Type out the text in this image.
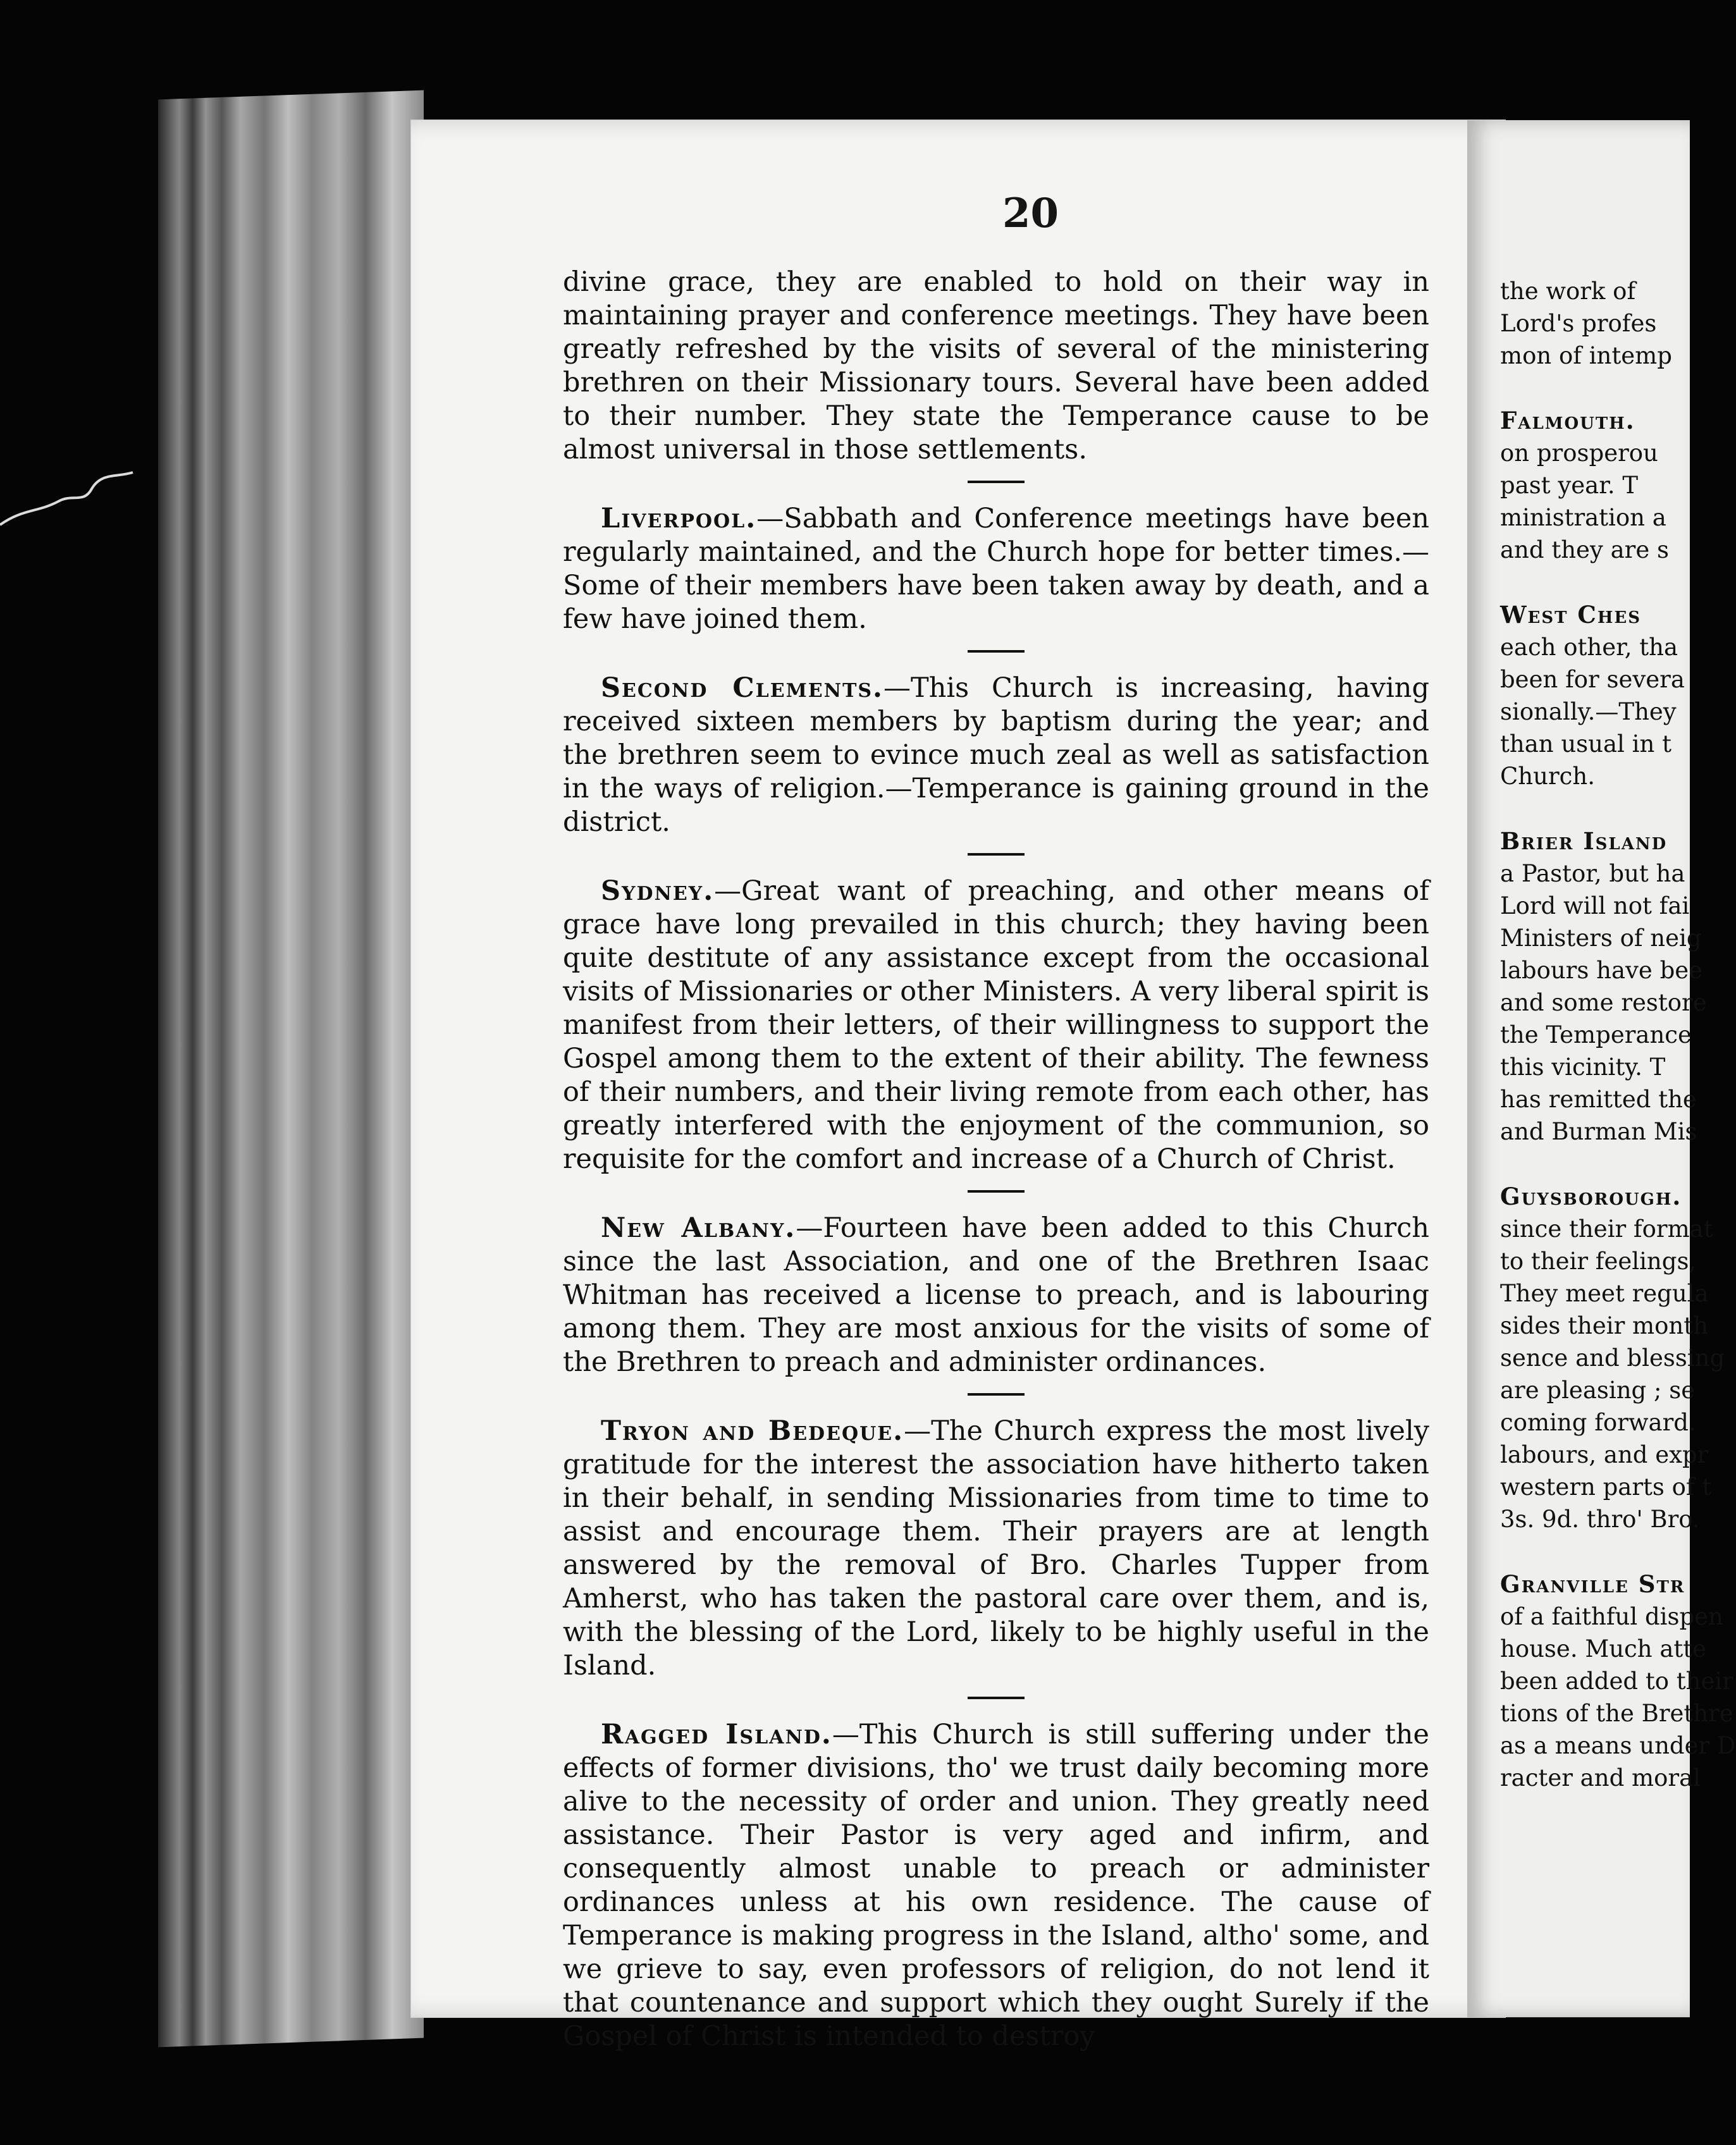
20

divine grace, they are enabled to hold on their way in maintaining prayer and conference meetings. They have been greatly refreshed by the visits of several of the ministering brethren on their Missionary tours. Several have been added to their number. They state the Temperance cause to be almost universal in those settlements.

Liverpool.—Sabbath and Conference meetings have been regularly maintained, and the Church hope for better times.—Some of their members have been taken away by death, and a few have joined them.

Second Clements.—This Church is increasing, having received sixteen members by baptism during the year; and the brethren seem to evince much zeal as well as satisfaction in the ways of religion.—Temperance is gaining ground in the district.

Sydney.—Great want of preaching, and other means of grace have long prevailed in this church; they having been quite destitute of any assistance except from the occasional visits of Missionaries or other Ministers. A very liberal spirit is manifest from their letters, of their willingness to support the Gospel among them to the extent of their ability. The fewness of their numbers, and their living remote from each other, has greatly interfered with the enjoyment of the communion, so requisite for the comfort and increase of a Church of Christ.

New Albany.—Fourteen have been added to this Church since the last Association, and one of the Brethren Isaac Whitman has received a license to preach, and is labouring among them. They are most anxious for the visits of some of the Brethren to preach and administer ordinances.

Tryon and Bedeque.—The Church express the most lively gratitude for the interest the association have hitherto taken in their behalf, in sending Missionaries from time to time to assist and encourage them. Their prayers are at length answered by the removal of Bro. Charles Tupper from Amherst, who has taken the pastoral care over them, and is, with the blessing of the Lord, likely to be highly useful in the Island.

Ragged Island.—This Church is still suffering under the effects of former divisions, tho' we trust daily becoming more alive to the necessity of order and union. They greatly need assistance. Their Pastor is very aged and infirm, and consequently almost unable to preach or administer ordinances unless at his own residence. The cause of Temperance is making progress in the Island, altho' some, and we grieve to say, even professors of religion, do not lend it that countenance and support which they ought Surely if the Gospel of Christ is intended to destroy

the work of
Lord's profes
mon of intemp
Falmouth.
on prosperou
past year. T
ministration a
and they are s
West Ches
each other, tha
been for severa
sionally.—They
than usual in t
Church.
Brier Island
a Pastor, but ha
Lord will not fai
Ministers of neig
labours have bee
and some restore
the Temperance
this vicinity. T
has remitted the
and Burman Mis
Guysborough.
since their format
to their feelings,
They meet regula
sides their month
sence and blessing
are pleasing ; se
coming forward.
labours, and expr
western parts of t
3s. 9d. thro' Bro.
Granville Str
of a faithful dispen
house. Much atte
been added to their
tions of the Brethre
as a means under D
racter and moral
